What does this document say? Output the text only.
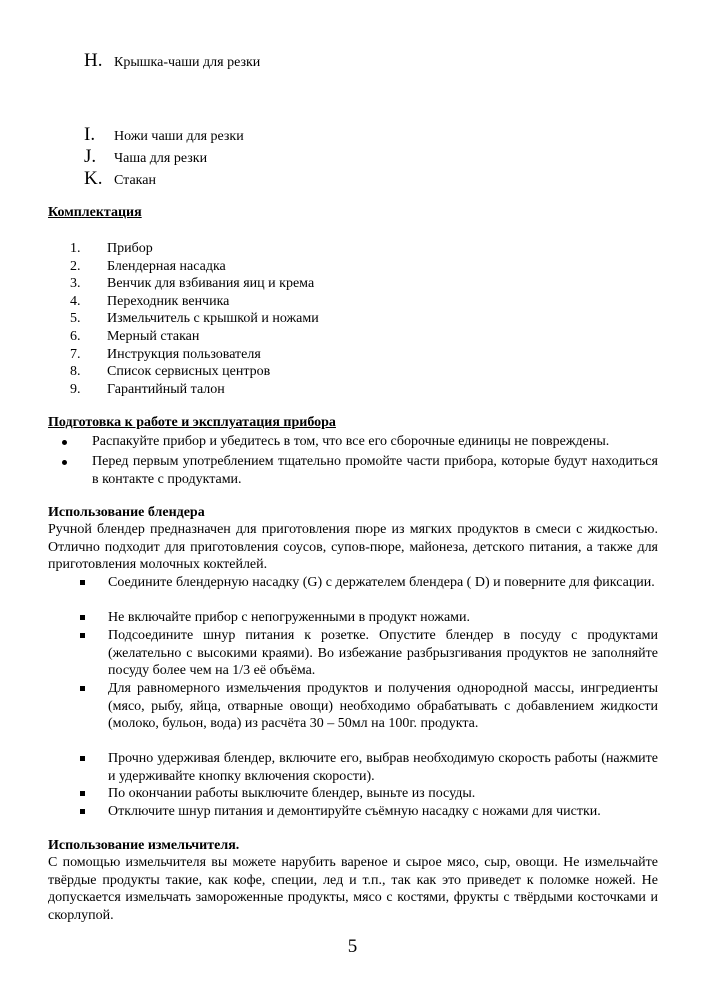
H. Крышка-чаши для резки
I.	Ножи чаши для резки
J.	Чаша для резки
K. Стакан
Комплектация
1.	Прибор
2.	Блендерная насадка
3.	Венчик для взбивания яиц и крема
4.	Переходник венчика
5.	Измельчитель с крышкой и ножами
6.	Мерный стакан
7.	Инструкция пользователя
8.	Список сервисных центров
9.	Гарантийный талон
Подготовка к работе и эксплуатация прибора
Распакуйте прибор и убедитесь в том, что все его сборочные единицы не повреждены.
Перед первым употреблением тщательно промойте части прибора, которые будут находиться в контакте с продуктами.
Использование блендера
Ручной блендер предназначен для приготовления пюре из мягких продуктов в смеси с жидкостью. Отлично подходит для приготовления соусов, супов-пюре, майонеза, детского питания, а также для приготовления молочных коктейлей.
Соедините блендерную насадку (G) с держателем блендера ( D) и поверните для фиксации.
Не включайте прибор с непогруженными в продукт ножами.
Подсоедините шнур питания к розетке. Опустите блендер в посуду с продуктами (желательно с высокими краями). Во избежание разбрызгивания продуктов не заполняйте посуду более чем на 1/3 её объёма.
Для равномерного измельчения продуктов и получения однородной массы, ингредиенты (мясо, рыбу, яйца, отварные овощи) необходимо обрабатывать с добавлением жидкости (молоко, бульон, вода) из расчёта 30 – 50мл на 100г. продукта.
Прочно удерживая блендер, включите его, выбрав необходимую скорость работы (нажмите и удерживайте кнопку включения скорости).
По окончании работы выключите блендер, выньте из посуды.
Отключите шнур питания и демонтируйте съёмную насадку с ножами для чистки.
Использование измельчителя.
С помощью измельчителя вы можете нарубить вареное и сырое мясо, сыр, овощи. Не измельчайте твёрдые продукты такие, как кофе, специи, лед и т.п., так как это приведет к поломке ножей. Не допускается измельчать замороженные продукты, мясо с костями, фрукты с твёрдыми косточками и скорлупой.
5
